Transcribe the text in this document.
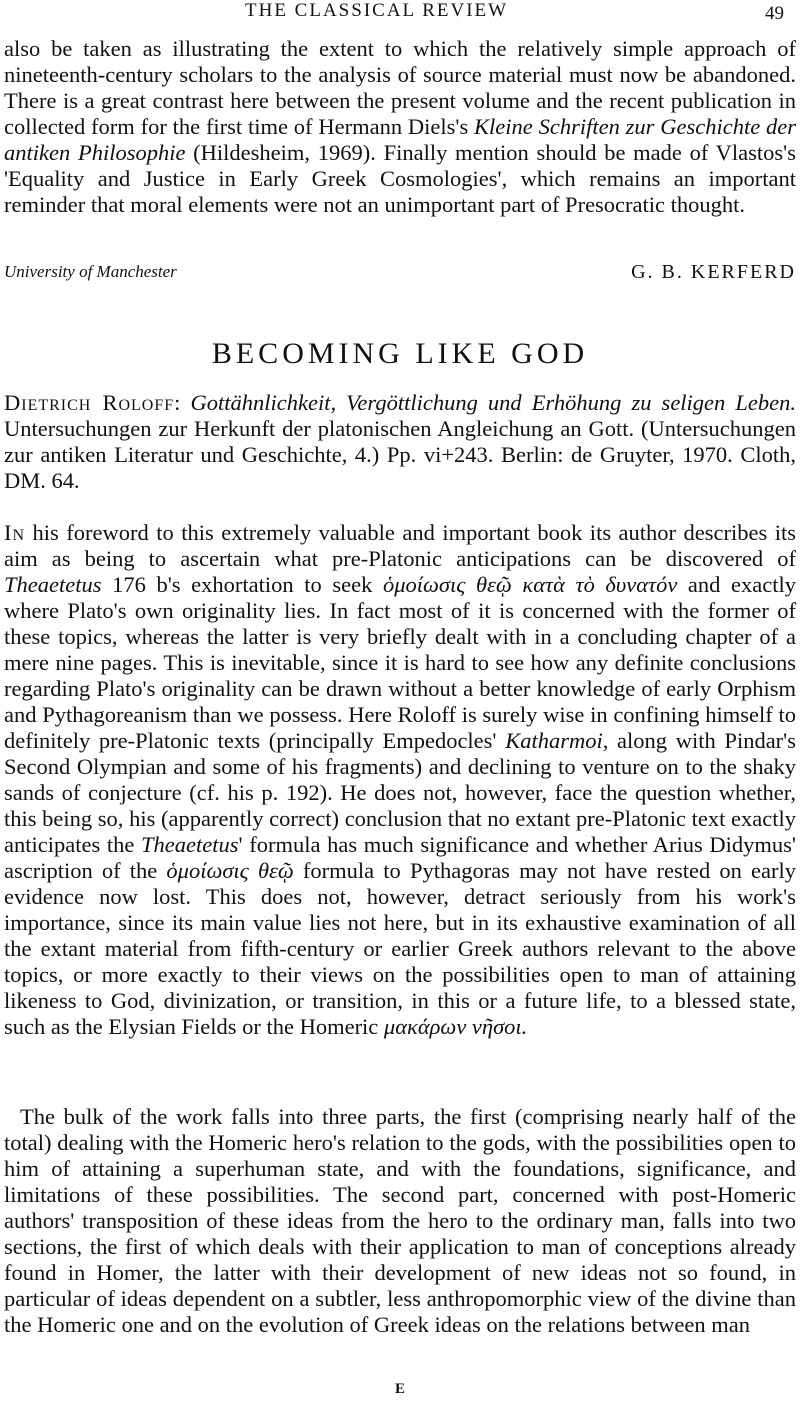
THE CLASSICAL REVIEW	49
also be taken as illustrating the extent to which the relatively simple approach of nineteenth-century scholars to the analysis of source material must now be abandoned. There is a great contrast here between the present volume and the recent publication in collected form for the first time of Hermann Diels's Kleine Schriften zur Geschichte der antiken Philosophie (Hildesheim, 1969). Finally mention should be made of Vlastos's 'Equality and Justice in Early Greek Cosmologies', which remains an important reminder that moral elements were not an unimportant part of Presocratic thought.
University of Manchester	G. B. KERFERD
BECOMING LIKE GOD
Dietrich Roloff: Gottähnlichkeit, Vergöttlichung und Erhöhung zu seligen Leben. Untersuchungen zur Herkunft der platonischen Angleichung an Gott. (Untersuchungen zur antiken Literatur und Geschichte, 4.) Pp. vi+243. Berlin: de Gruyter, 1970. Cloth, DM. 64.
In his foreword to this extremely valuable and important book its author describes its aim as being to ascertain what pre-Platonic anticipations can be discovered of Theaetetus 176 b's exhortation to seek ὁμοίωσις θεῷ κατὰ τὸ δυνατόν and exactly where Plato's own originality lies. In fact most of it is concerned with the former of these topics, whereas the latter is very briefly dealt with in a concluding chapter of a mere nine pages. This is inevitable, since it is hard to see how any definite conclusions regarding Plato's originality can be drawn without a better knowledge of early Orphism and Pythagoreanism than we possess. Here Roloff is surely wise in confining himself to definitely pre-Platonic texts (principally Empedocles' Katharmoi, along with Pindar's Second Olympian and some of his fragments) and declining to venture on to the shaky sands of conjecture (cf. his p. 192). He does not, however, face the question whether, this being so, his (apparently correct) conclusion that no extant pre-Platonic text exactly anticipates the Theaetetus' formula has much significance and whether Arius Didymus' ascription of the ὁμοίωσις θεῷ formula to Pythagoras may not have rested on early evidence now lost. This does not, however, detract seriously from his work's importance, since its main value lies not here, but in its exhaustive examination of all the extant material from fifth-century or earlier Greek authors relevant to the above topics, or more exactly to their views on the possibilities open to man of attaining likeness to God, divinization, or transition, in this or a future life, to a blessed state, such as the Elysian Fields or the Homeric μακάρων νῆσοι.
The bulk of the work falls into three parts, the first (comprising nearly half of the total) dealing with the Homeric hero's relation to the gods, with the possibilities open to him of attaining a superhuman state, and with the foundations, significance, and limitations of these possibilities. The second part, concerned with post-Homeric authors' transposition of these ideas from the hero to the ordinary man, falls into two sections, the first of which deals with their application to man of conceptions already found in Homer, the latter with their development of new ideas not so found, in particular of ideas dependent on a subtler, less anthropomorphic view of the divine than the Homeric one and on the evolution of Greek ideas on the relations between man
E
